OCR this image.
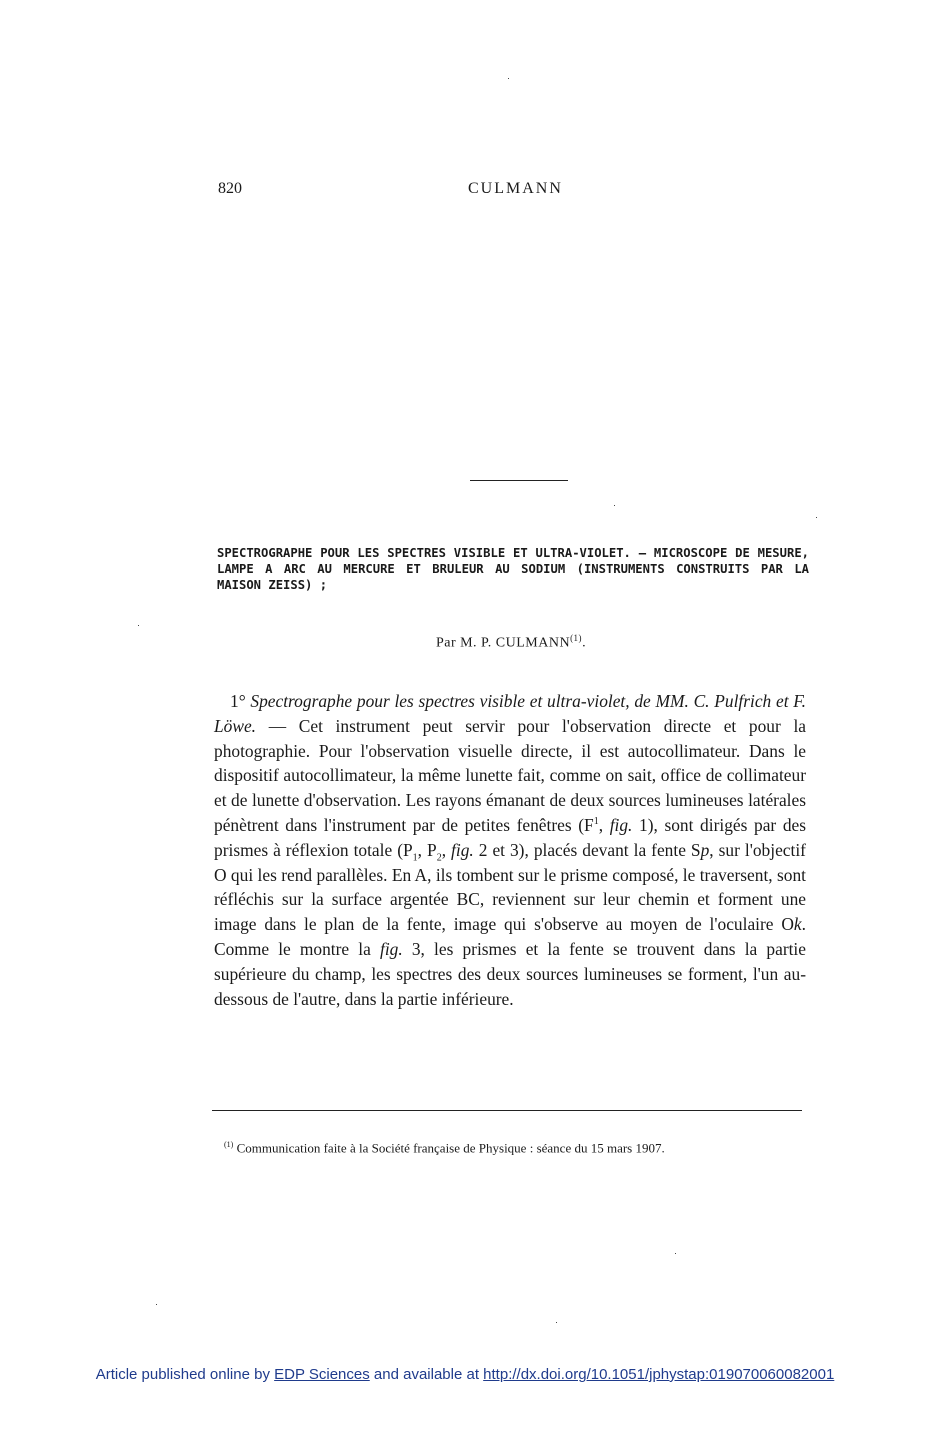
820	CULMANN
SPECTROGRAPHE POUR LES SPECTRES VISIBLE ET ULTRA-VIOLET. — MICROSCOPE DE MESURE, LAMPE A ARC AU MERCURE ET BRULEUR AU SODIUM (INSTRUMENTS CONSTRUITS PAR LA MAISON ZEISS) ;
Par M. P. CULMANN$^{(1)}$.

1° Spectrographe pour les spectres visible et ultra-violet, de MM. C. Pulfrich et F. Löwe. — Cet instrument peut servir pour l'observation directe et pour la photographie. Pour l'observation visuelle directe, il est autocollimateur. Dans le dispositif autocollimateur, la même lunette fait, comme on sait, office de collimateur et de lunette d'observation. Les rayons émanant de deux sources lumineuses latérales pénètrent dans l'instrument par de petites fenêtres ($F^1$, fig. 1), sont dirigés par des prismes à réflexion totale ($P_1$, $P_2$, fig. 2 et 3), placés devant la fente Sp, sur l'objectif O qui les rend parallèles. En A, ils tombent sur le prisme composé, le traversent, sont réfléchis sur la surface argentée BC, reviennent sur leur chemin et forment une image dans le plan de la fente, image qui s'observe au moyen de l'oculaire Ok. Comme le montre la fig. 3, les prismes et la fente se trouvent dans la partie supérieure du champ, les spectres des deux sources lumineuses se forment, l'un au-dessous de l'autre, dans la partie inférieure.

$^{(1)}$ Communication faite à la Société française de Physique : séance du 15 mars 1907.

Article published online by EDP Sciences and available at http://dx.doi.org/10.1051/jphystap:019070060082001
